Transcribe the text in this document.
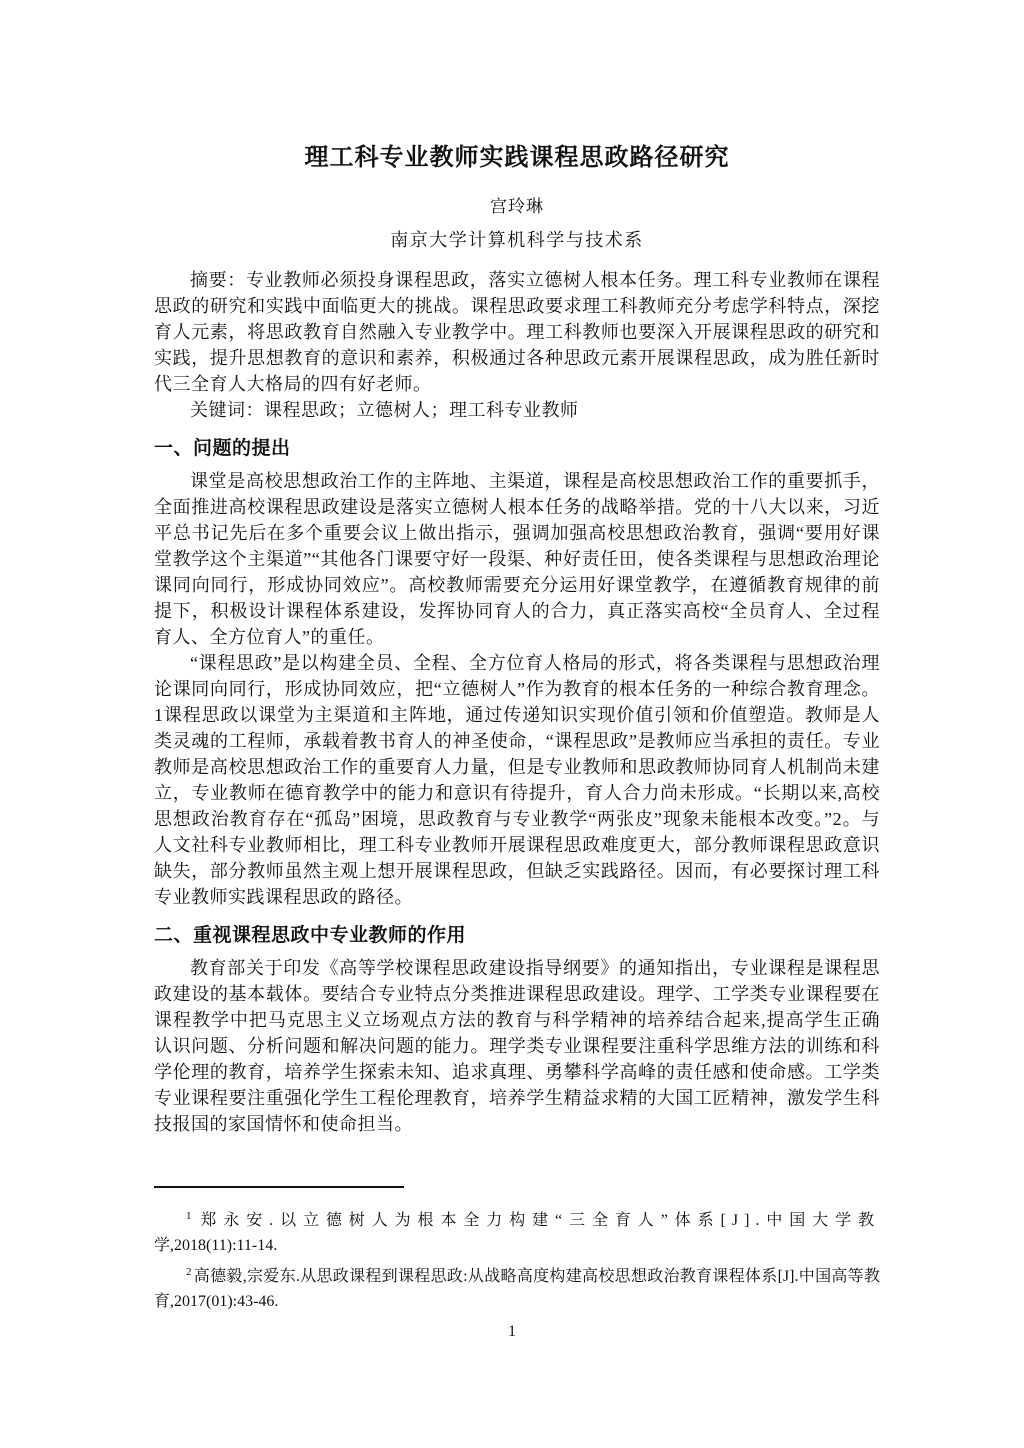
理工科专业教师实践课程思政路径研究
宫玲琳
南京大学计算机科学与技术系

摘要：专业教师必须投身课程思政，落实立德树人根本任务。理工科专业教师在课程思政的研究和实践中面临更大的挑战。课程思政要求理工科教师充分考虑学科特点，深挖育人元素，将思政教育自然融入专业教学中。理工科教师也要深入开展课程思政的研究和实践，提升思想教育的意识和素养，积极通过各种思政元素开展课程思政，成为胜任新时代三全育人大格局的四有好老师。

关键词：课程思政；立德树人；理工科专业教师

一、问题的提出

课堂是高校思想政治工作的主阵地、主渠道，课程是高校思想政治工作的重要抓手，全面推进高校课程思政建设是落实立德树人根本任务的战略举措。党的十八大以来，习近平总书记先后在多个重要会议上做出指示，强调加强高校思想政治教育，强调“要用好课堂教学这个主渠道”“其他各门课要守好一段渠、种好责任田，使各类课程与思想政治理论课同向同行，形成协同效应”。高校教师需要充分运用好课堂教学，在遵循教育规律的前提下，积极设计课程体系建设，发挥协同育人的合力，真正落实高校“全员育人、全过程育人、全方位育人”的重任。

“课程思政”是以构建全员、全程、全方位育人格局的形式，将各类课程与思想政治理论课同向同行，形成协同效应，把“立德树人”作为教育的根本任务的一种综合教育理念。1课程思政以课堂为主渠道和主阵地，通过传递知识实现价值引领和价值塑造。教师是人类灵魂的工程师，承载着教书育人的神圣使命，“课程思政”是教师应当承担的责任。专业教师是高校思想政治工作的重要育人力量，但是专业教师和思政教师协同育人机制尚未建立，专业教师在德育教学中的能力和意识有待提升，育人合力尚未形成。“长期以来,高校思想政治教育存在“孤岛”困境，思政教育与专业教学“两张皮”现象未能根本改变。”2。与人文社科专业教师相比，理工科专业教师开展课程思政难度更大，部分教师课程思政意识缺失，部分教师虽然主观上想开展课程思政，但缺乏实践路径。因而，有必要探讨理工科专业教师实践课程思政的路径。

二、重视课程思政中专业教师的作用

教育部关于印发《高等学校课程思政建设指导纲要》的通知指出，专业课程是课程思政建设的基本载体。要结合专业特点分类推进课程思政建设。理学、工学类专业课程要在课程教学中把马克思主义立场观点方法的教育与科学精神的培养结合起来,提高学生正确认识问题、分析问题和解决问题的能力。理学类专业课程要注重科学思维方法的训练和科学伦理的教育，培养学生探索未知、追求真理、勇攀科学高峰的责任感和使命感。工学类专业课程要注重强化学生工程伦理教育，培养学生精益求精的大国工匠精神，激发学生科技报国的家国情怀和使命担当。

$^1$ 郑永安.以立德树人为根本全力构建“三全育人”体系[J].中国大学教学,2018(11):11-14.

$^2$ 高德毅,宗爱东.从思政课程到课程思政:从战略高度构建高校思想政治教育课程体系[J].中国高等教育,2017(01):43-46.

1
